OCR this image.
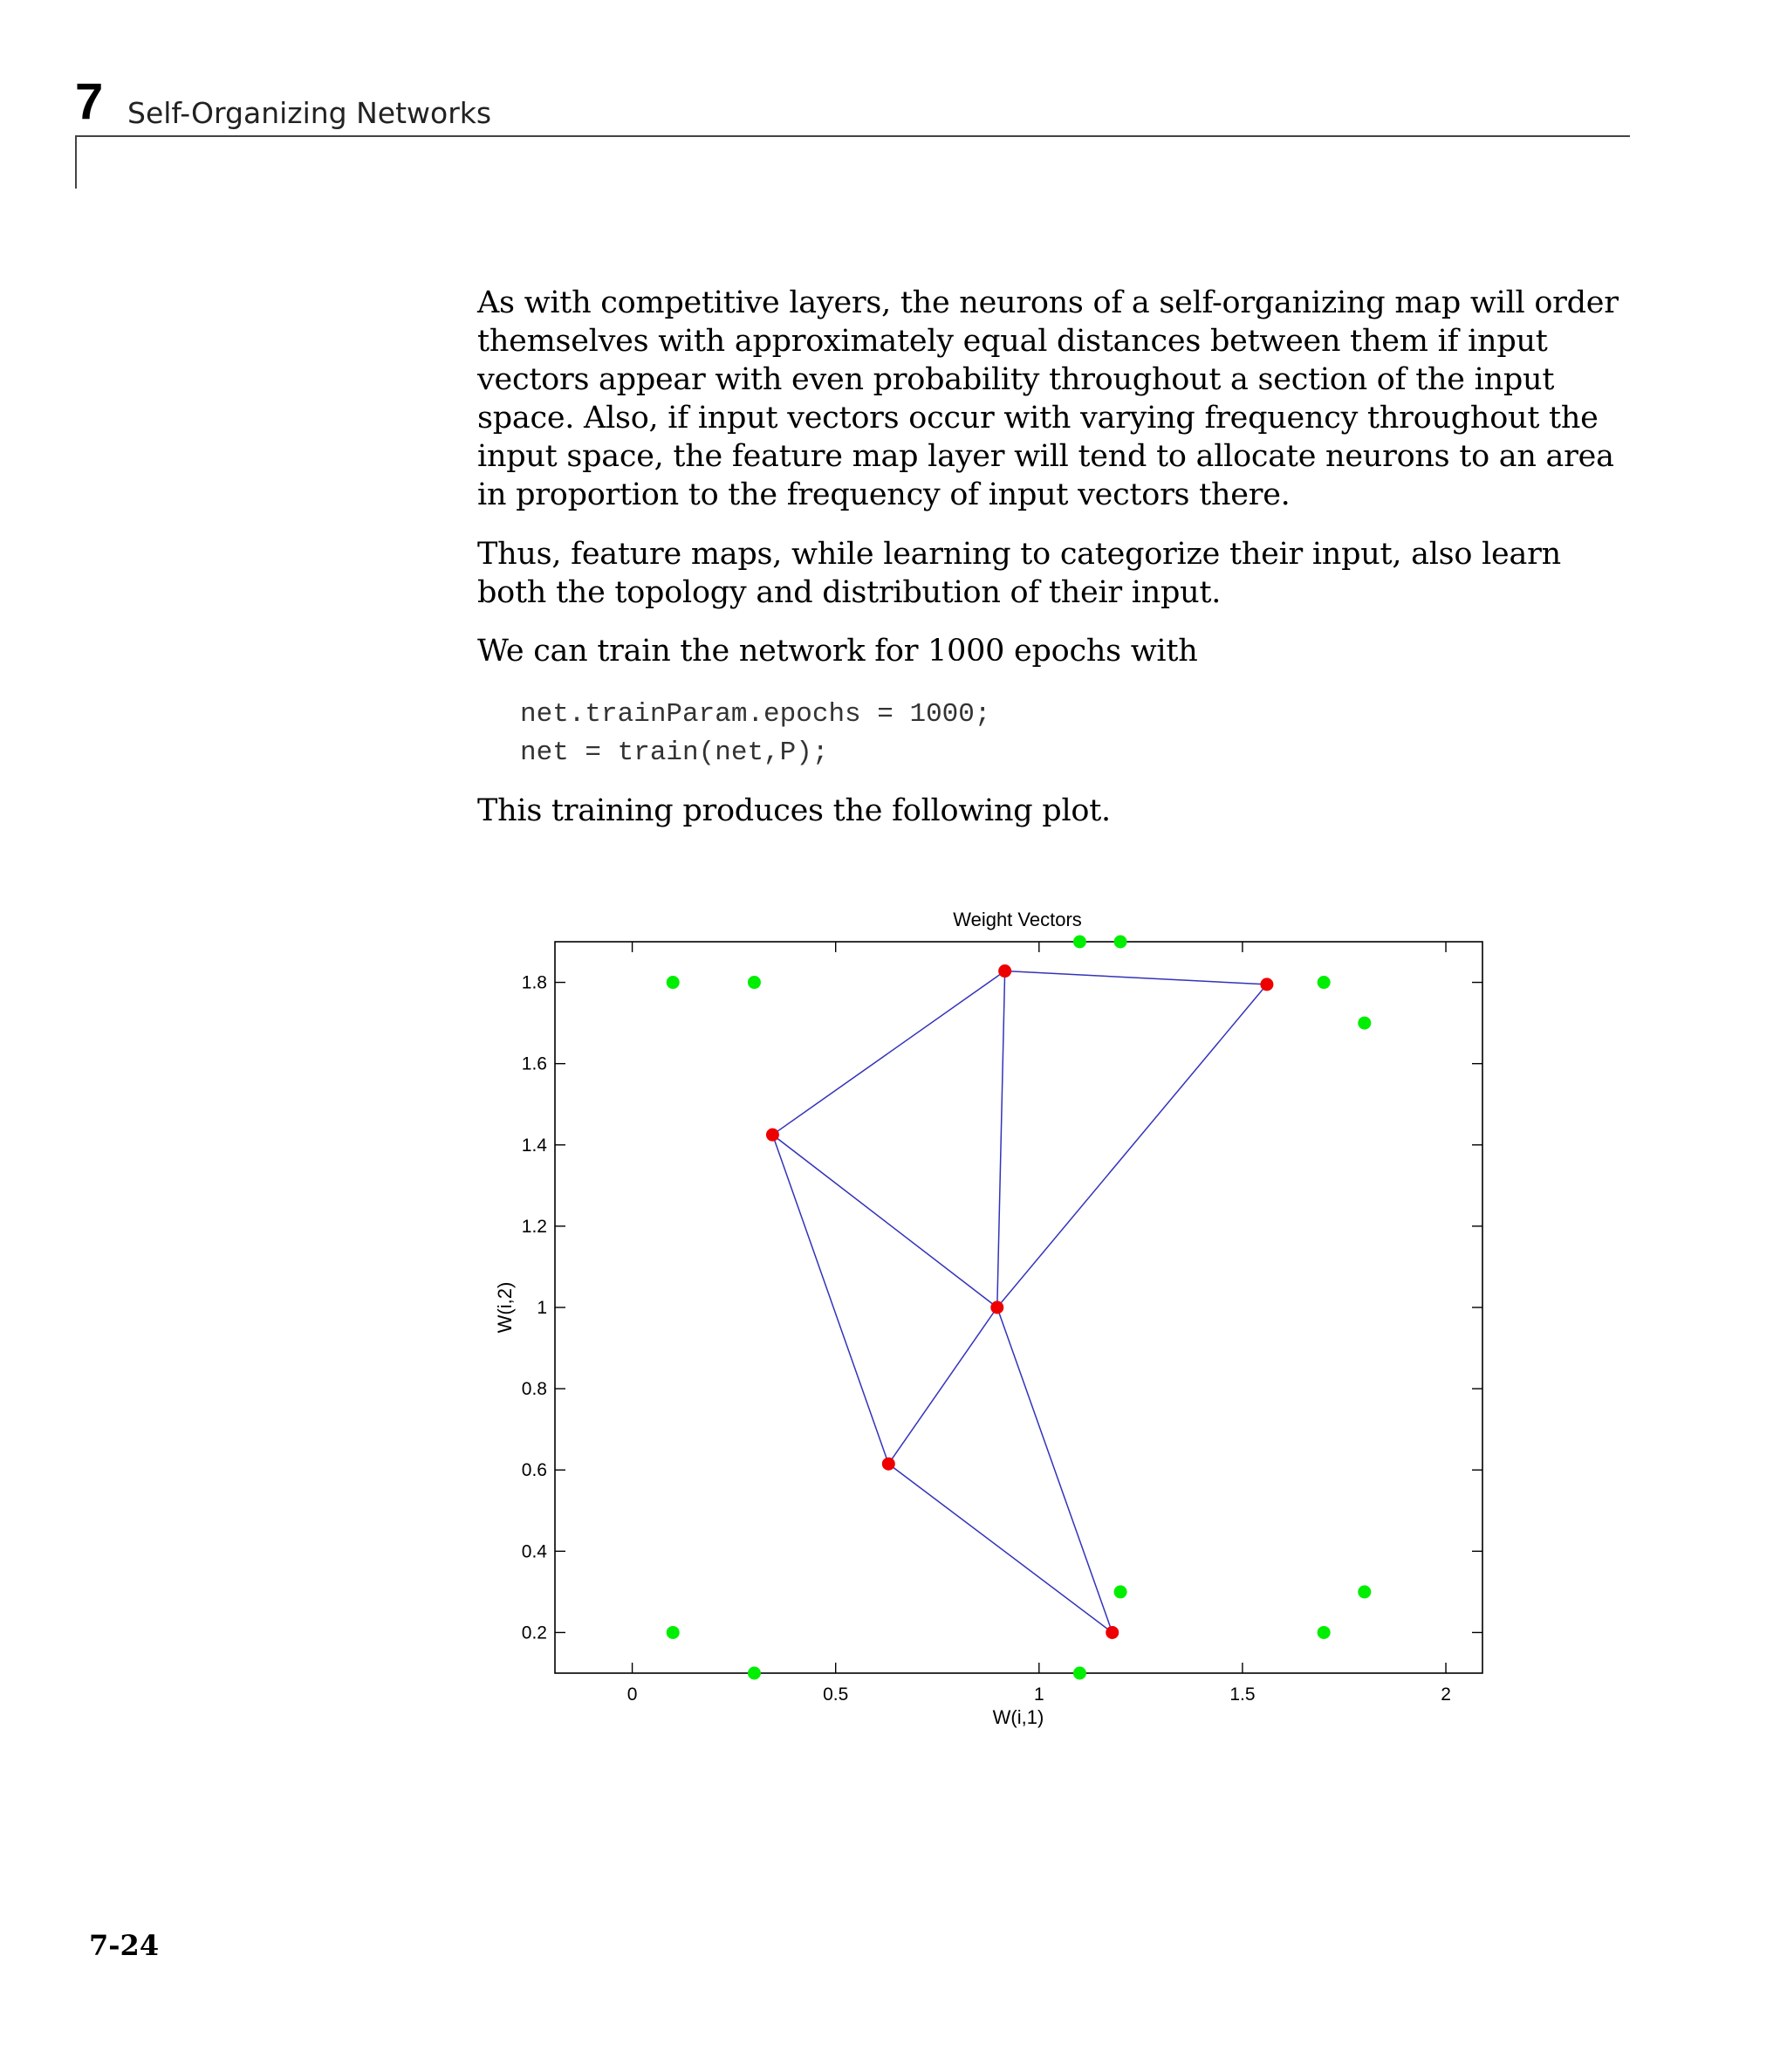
7 Self-Organizing Networks

As with competitive layers, the neurons of a self-organizing map will order themselves with approximately equal distances between them if input vectors appear with even probability throughout a section of the input space. Also, if input vectors occur with varying frequency throughout the input space, the feature map layer will tend to allocate neurons to an area in proportion to the frequency of input vectors there.

Thus, feature maps, while learning to categorize their input, also learn both the topology and distribution of their input.

We can train the network for 1000 epochs with

net.trainParam.epochs = 1000;
net = train(net,P);

This training produces the following plot.

Weight Vectors
0	0.5	1	1.5	2
0.2
0.4
0.6
0.8
1
1.2
1.4
1.6
1.8
W(i,1)
W(i,2)
7-24
